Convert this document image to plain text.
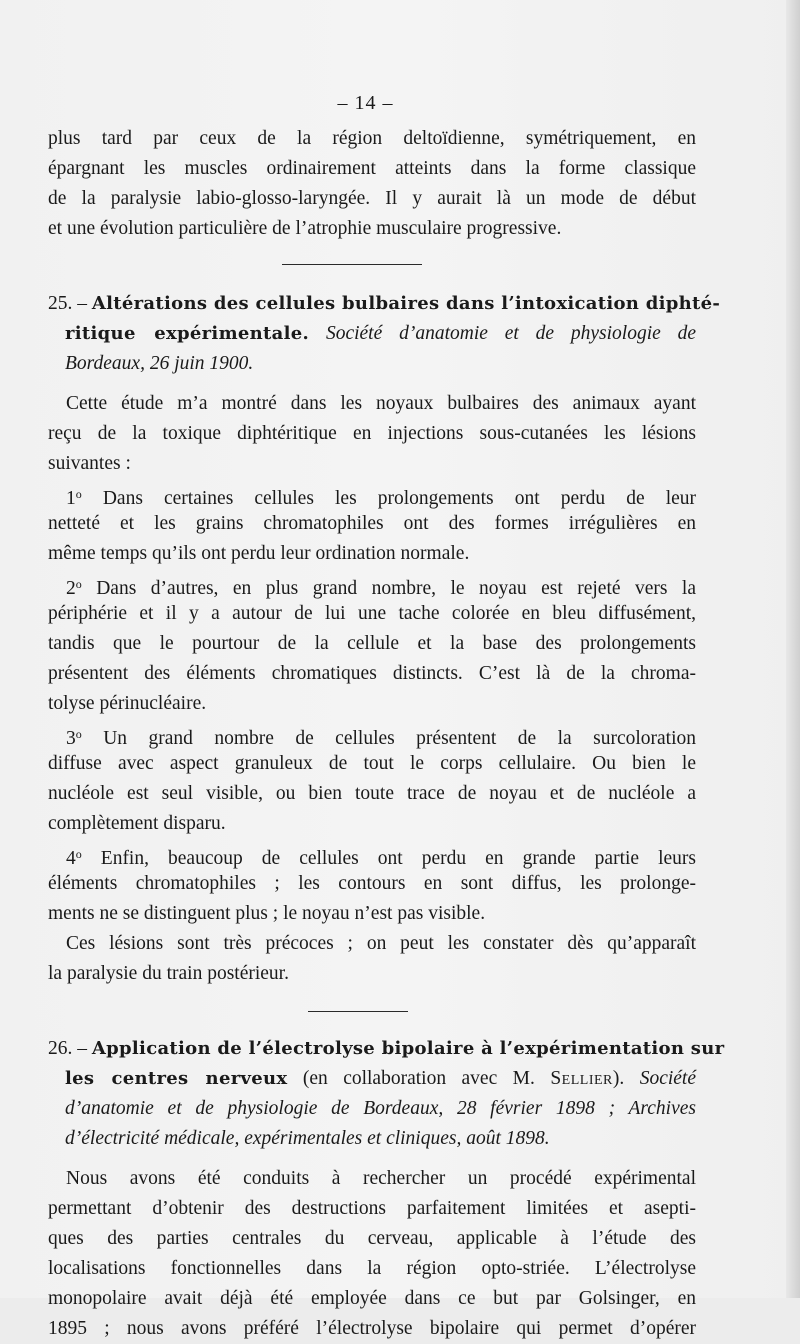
– 14 –
plus tard par ceux de la région deltoïdienne, symétriquement, en
épargnant les muscles ordinairement atteints dans la forme classique
de la paralysie labio-glosso-laryngée. Il y aurait là un mode de début
et une évolution particulière de l’atrophie musculaire progressive.
25. – Altérations des cellules bulbaires dans l’intoxication diphté-
ritique expérimentale. Société d’anatomie et de physiologie de
Bordeaux, 26 juin 1900.
Cette étude m’a montré dans les noyaux bulbaires des animaux ayant
reçu de la toxique diphtéritique en injections sous-cutanées les lésions
suivantes :
1$^o$ Dans certaines cellules les prolongements ont perdu de leur
netteté et les grains chromatophiles ont des formes irrégulières en
même temps qu’ils ont perdu leur ordination normale.
2$^o$ Dans d’autres, en plus grand nombre, le noyau est rejeté vers la
périphérie et il y a autour de lui une tache colorée en bleu diffusément,
tandis que le pourtour de la cellule et la base des prolongements
présentent des éléments chromatiques distincts. C’est là de la chroma-
tolyse périnucléaire.
3$^o$ Un grand nombre de cellules présentent de la surcoloration
diffuse avec aspect granuleux de tout le corps cellulaire. Ou bien le
nucléole est seul visible, ou bien toute trace de noyau et de nucléole a
complètement disparu.
4$^o$ Enfin, beaucoup de cellules ont perdu en grande partie leurs
éléments chromatophiles ; les contours en sont diffus, les prolonge-
ments ne se distinguent plus ; le noyau n’est pas visible.
Ces lésions sont très précoces ; on peut les constater dès qu’apparaît
la paralysie du train postérieur.
26. – Application de l’électrolyse bipolaire à l’expérimentation sur
les centres nerveux (en collaboration avec M. Sellier). Société
d’anatomie et de physiologie de Bordeaux, 28 février 1898 ; Archives
d’électricité médicale, expérimentales et cliniques, août 1898.
Nous avons été conduits à rechercher un procédé expérimental
permettant d’obtenir des destructions parfaitement limitées et asepti-
ques des parties centrales du cerveau, applicable à l’étude des
localisations fonctionnelles dans la région opto-striée. L’électrolyse
monopolaire avait déjà été employée dans ce but par Golsinger, en
1895 ; nous avons préféré l’électrolyse bipolaire qui permet d’opérer
